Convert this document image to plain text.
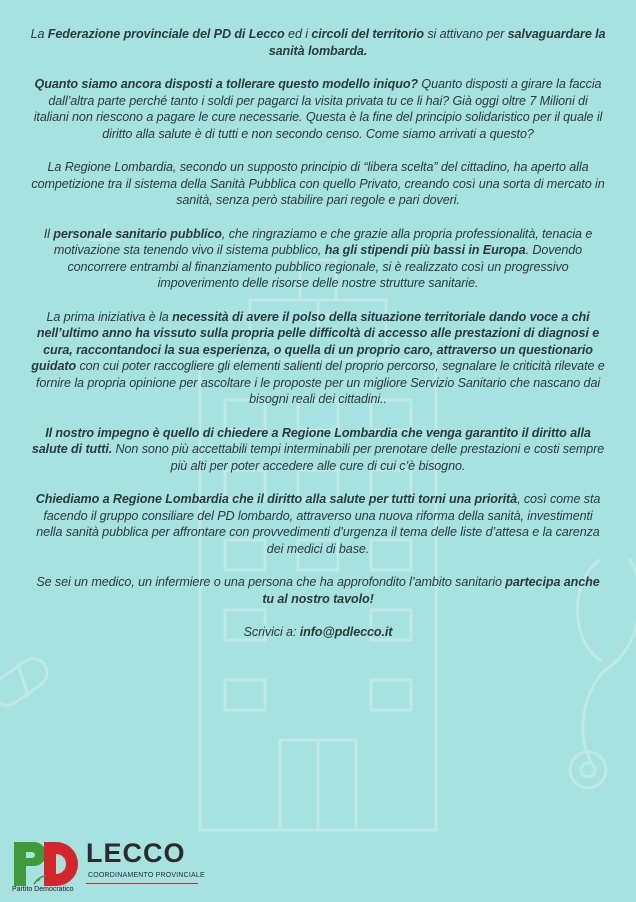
La Federazione provinciale del PD di Lecco ed i circoli del territorio si attivano per salvaguardare la sanità lombarda.

Quanto siamo ancora disposti a tollerare questo modello iniquo? Quanto disposti a girare la faccia dall’altra parte perché tanto i soldi per pagarci la visita privata tu ce li hai? Già oggi oltre 7 Milioni di italiani non riescono a pagare le cure necessarie. Questa è la fine del principio solidaristico per il quale il diritto alla salute è di tutti e non secondo censo. Come siamo arrivati a questo?

La Regione Lombardia, secondo un supposto principio di “libera scelta” del cittadino, ha aperto alla competizione tra il sistema della Sanità Pubblica con quello Privato, creando così una sorta di mercato in sanità, senza però stabilire pari regole e pari doveri.

Il personale sanitario pubblico, che ringraziamo e che grazie alla propria professionalità, tenacia e motivazione sta tenendo vivo il sistema pubblico, ha gli stipendi più bassi in Europa. Dovendo concorrere entrambi al finanziamento pubblico regionale, si è realizzato così un progressivo impoverimento delle risorse delle nostre strutture sanitarie.

La prima iniziativa è la necessità di avere il polso della situazione territoriale dando voce a chi nell’ultimo anno ha vissuto sulla propria pelle difficoltà di accesso alle prestazioni di diagnosi e cura, raccontandoci la sua esperienza, o quella di un proprio caro, attraverso un questionario guidato con cui poter raccogliere gli elementi salienti del proprio percorso, segnalare le criticità rilevate e fornire la propria opinione per ascoltare i le proposte per un migliore Servizio Sanitario che nascano dai bisogni reali dei cittadini..

Il nostro impegno è quello di chiedere a Regione Lombardia che venga garantito il diritto alla salute di tutti. Non sono più accettabili tempi interminabili per prenotare delle prestazioni e costi sempre più alti per poter accedere alle cure di cui c’è bisogno.

Chiediamo a Regione Lombardia che il diritto alla salute per tutti torni una priorità, così come sta facendo il gruppo consiliare del PD lombardo, attraverso una nuova riforma della sanità, investimenti nella sanità pubblica per affrontare con provvedimenti d’urgenza il tema delle liste d’attesa e la carenza dei medici di base.

Se sei un medico, un infermiere o una persona che ha approfondito l’ambito sanitario partecipa anche tu al nostro tavolo!

Scrivici a: info@pdlecco.it

Partito Democratico
LECCO
COORDINAMENTO PROVINCIALE
